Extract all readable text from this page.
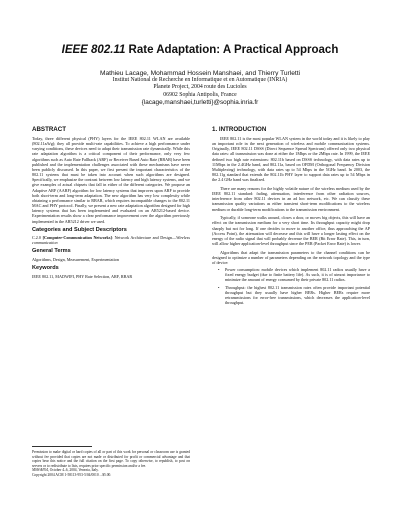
IEEE 802.11 Rate Adaptation: A Practical Approach
Mathieu Lacage, Mohammad Hossein Manshaei, and Thierry Turletti
Institut National de Recherche en Informatique et en Automatique (INRIA)
Planete Project, 2004 route des Lucioles
06902 Sophia Antipolis, France
{lacage,manshaei,turletti}@sophia.inria.fr
ABSTRACT

Today, three different physical (PHY) layers for the IEEE 802.11 WLAN are available (802.11a/b/g); they all provide multi-rate capabilities. To achieve a high performance under varying conditions, these devices need to adapt their transmission rate dynamically. While this rate adaptation algorithm is a critical component of their performance, only very few algorithms such as Auto Rate Fallback (ARF) or Receiver Based Auto Rate (RBAR) have been published and the implementation challenges associated with these mechanisms have never been publicly discussed. In this paper, we first present the important characteristics of the 802.11 systems that must be taken into account when such algorithms are designed. Specifically, we emphasize the contrast between low latency and high latency systems, and we give examples of actual chipsets that fall in either of the different categories. We propose an Adaptive ARF (AARF) algorithm for low latency systems that improves upon ARF to provide both short-term and long-term adaptation. The new algorithm has very low complexity while obtaining a performance similar to RBAR, which requires incompatible changes to the 802.11 MAC and PHY protocol. Finally, we present a new rate adaptation algorithm designed for high latency systems that has been implemented and evaluated on an AR5212-based device. Experimentation results show a clear performance improvement over the algorithm previously implemented in the AR5212 driver we used.

Categories and Subject Descriptors

C.2.0 [Computer-Communication Networks]: Network Architecture and Design—Wireless communication

General Terms

Algorithms, Design, Measurement, Experimentation

Keywords

IEEE 802.11, MADWIFI, PHY Rate Selection, ARF, RBAR

Permission to make digital or hard copies of all or part of this work for personal or classroom use is granted without fee provided that copies are not made or distributed for profit or commercial advantage and that copies bear this notice and the full citation on the first page. To copy otherwise, to republish, to post on servers or to redistribute to lists, requires prior specific permission and/or a fee.
MSWiM'04, October 4–6, 2004, Venezia, Italy.
Copyright 2004 ACM 1-58113-953-5/04/0010 ...$5.00.
1. INTRODUCTION

IEEE 802.11 is the most popular WLAN system in the world today and it is likely to play an important role in the next generation of wireless and mobile communication systems. Originally, IEEE 802.11 DSSS (Direct Sequence Spread Spectrum) offered only two physical data rates: all transmission was done at either the 1Mbps or the 2Mbps rate. In 1999, the IEEE defined two high rate extensions: 802.11b based on DSSS technology, with data rates up to 11Mbps in the 2.4GHz band, and 802.11a, based on OFDM (Orthogonal Frequency Division Multiplexing) technology, with data rates up to 54 Mbps in the 5GHz band. In 2003, the 802.11g standard that extends the 802.11b PHY layer to support data rates up to 54 Mbps in the 2.4 GHz band was finalized.

There are many reasons for the highly volatile nature of the wireless medium used by the IEEE 802.11 standard: fading, attenuation, interference from other radiation sources, interference from other 802.11 devices in an ad hoc network, etc. We can classify these transmission quality variations as either transient short-term modifications to the wireless medium or durable long-term modifications to the transmission environment.

Typically, if someone walks around, closes a door, or moves big objects, this will have an effect on the transmission medium for a very short time. Its throughput capacity might drop sharply but not for long. If one decides to move to another office, thus approaching the AP (Access Point), the attenuation will decrease and this will have a longer lasting effect on the energy of the radio signal that will probably decrease the BER (Bit Error Rate). This, in turn, will allow higher application-level throughput since the PER (Packet Error Rate) is lower.

Algorithms that adapt the transmission parameters to the channel conditions can be designed to optimize a number of parameters depending on the network topology and the type of device:

• Power consumption: mobile devices which implement 802.11 radios usually have a fixed energy budget (due to finite battery life). As such, it is of utmost importance to minimize the amount of energy consumed by their private 802.11 radios.
• Throughput: the highest 802.11 transmission rates often provide important potential throughput but they usually have higher BERs. Higher BERs require more retransmissions for error-free transmissions, which decreases the application-level throughput.
